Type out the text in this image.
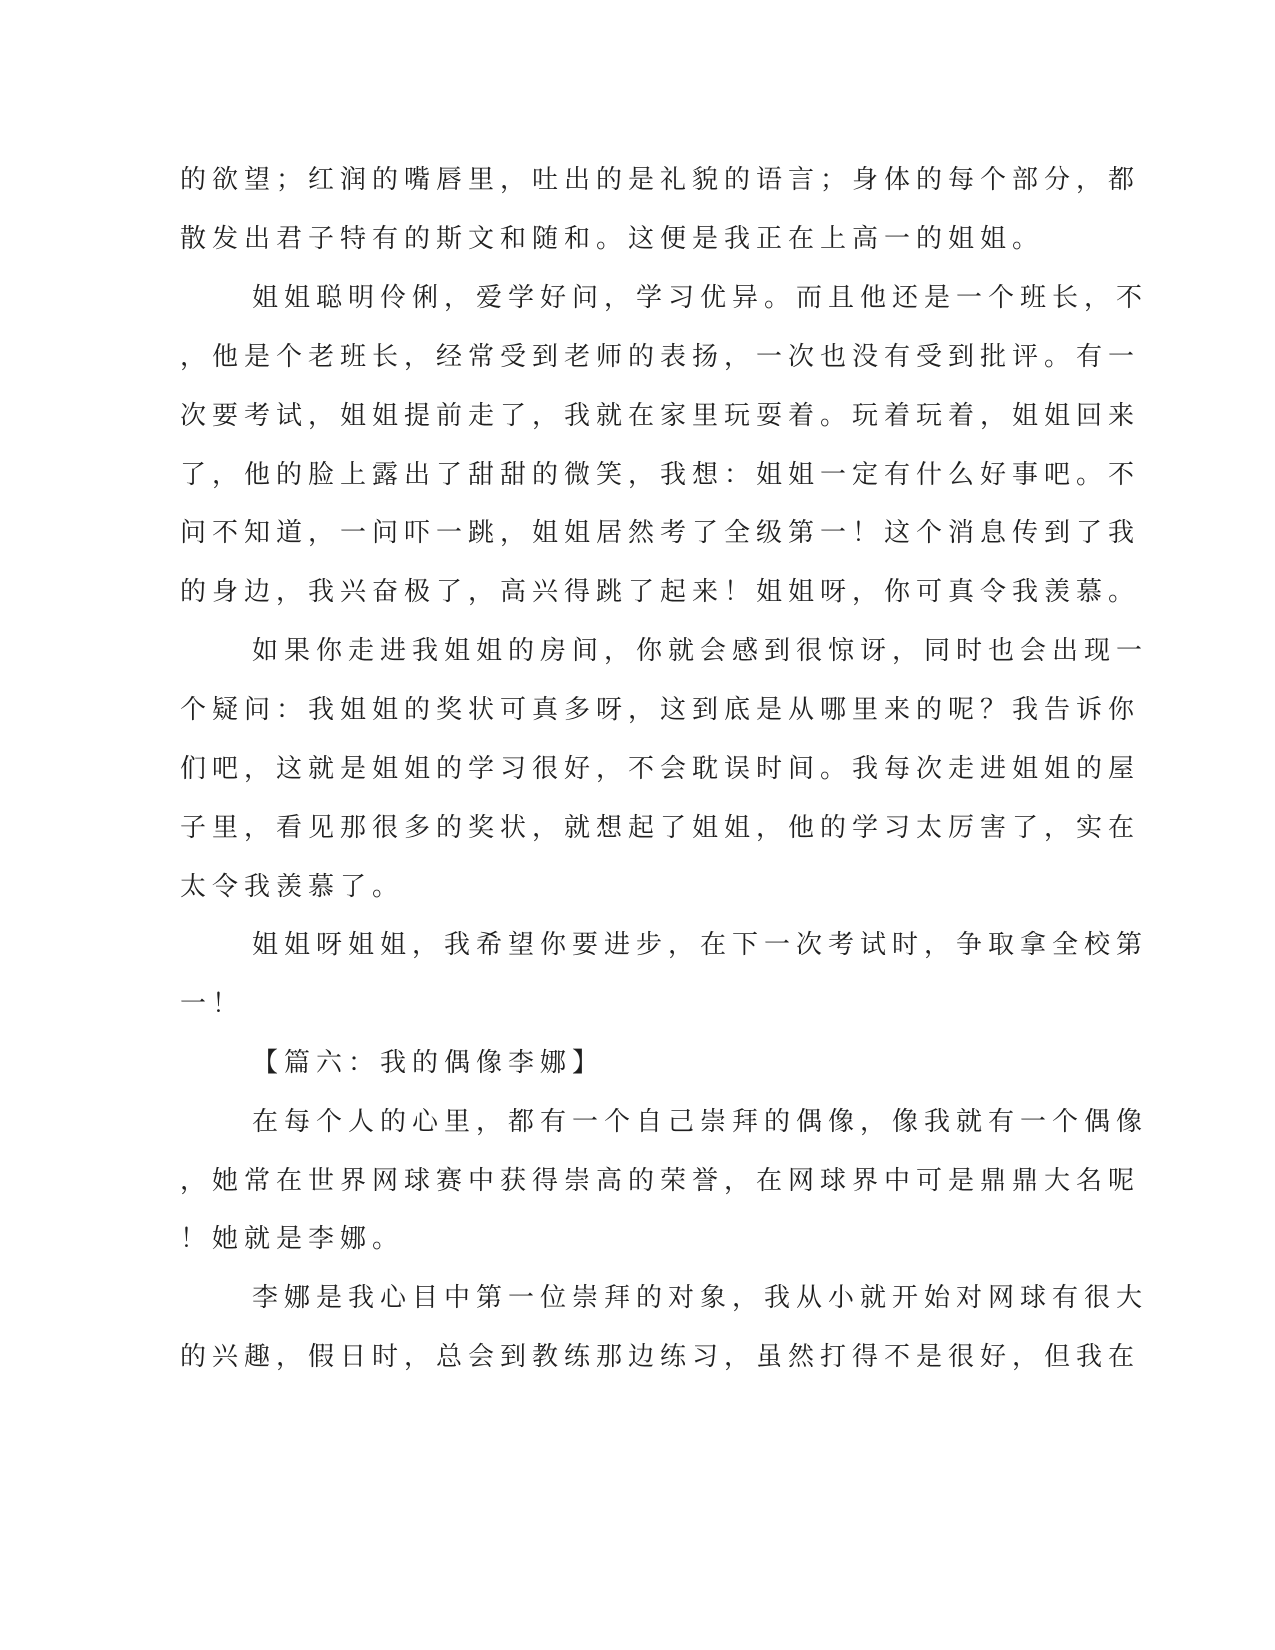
的欲望；红润的嘴唇里，吐出的是礼貌的语言；身体的每个部分，都
散发出君子特有的斯文和随和。这便是我正在上高一的姐姐。
姐姐聪明伶俐，爱学好问，学习优异。而且他还是一个班长，不
，他是个老班长，经常受到老师的表扬，一次也没有受到批评。有一
次要考试，姐姐提前走了，我就在家里玩耍着。玩着玩着，姐姐回来
了，他的脸上露出了甜甜的微笑，我想：姐姐一定有什么好事吧。不
问不知道，一问吓一跳，姐姐居然考了全级第一！这个消息传到了我
的身边，我兴奋极了，高兴得跳了起来！姐姐呀，你可真令我羡慕。
如果你走进我姐姐的房间，你就会感到很惊讶，同时也会出现一
个疑问：我姐姐的奖状可真多呀，这到底是从哪里来的呢？我告诉你
们吧，这就是姐姐的学习很好，不会耽误时间。我每次走进姐姐的屋
子里，看见那很多的奖状，就想起了姐姐，他的学习太厉害了，实在
太令我羡慕了。
姐姐呀姐姐，我希望你要进步，在下一次考试时，争取拿全校第
一！
【篇六：我的偶像李娜】
在每个人的心里，都有一个自己崇拜的偶像，像我就有一个偶像
，她常在世界网球赛中获得崇高的荣誉，在网球界中可是鼎鼎大名呢
！她就是李娜。
李娜是我心目中第一位崇拜的对象，我从小就开始对网球有很大
的兴趣，假日时，总会到教练那边练习，虽然打得不是很好，但我在
